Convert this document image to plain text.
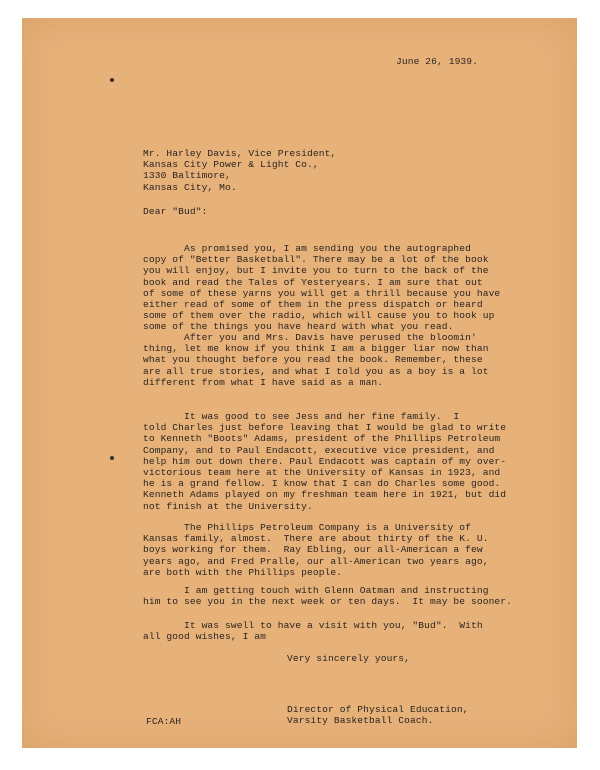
June 26, 1939.
Mr. Harley Davis, Vice President,
Kansas City Power & Light Co.,
1330 Baltimore,
Kansas City, Mo.
Dear "Bud":
As promised you, I am sending you the autographed
copy of "Better Basketball". There may be a lot of the book
you will enjoy, but I invite you to turn to the back of the
book and read the Tales of Yesteryears. I am sure that out
of some of these yarns you will get a thrill because you have
either read of some of them in the press dispatch or heard
some of them over the radio, which will cause you to hook up
some of the things you have heard with what you read.
After you and Mrs. Davis have perused the bloomin'
thing, let me know if you think I am a bigger liar now than
what you thought before you read the book. Remember, these
are all true stories, and what I told you as a boy is a lot
different from what I have said as a man.
It was good to see Jess and her fine family.  I
told Charles just before leaving that I would be glad to write
to Kenneth "Boots" Adams, president of the Phillips Petroleum
Company, and to Paul Endacott, executive vice president, and
help him out down there. Paul Endacott was captain of my over-
victorious team here at the University of Kansas in 1923, and
he is a grand fellow. I know that I can do Charles some good.
Kenneth Adams played on my freshman team here in 1921, but did
not finish at the University.
The Phillips Petroleum Company is a University of
Kansas family, almost.  There are about thirty of the K. U.
boys working for them.  Ray Ebling, our all-American a few
years ago, and Fred Pralle, our all-American two years ago,
are both with the Phillips people.
I am getting touch with Glenn Oatman and instructing
him to see you in the next week or ten days.  It may be sooner.
It was swell to have a visit with you, "Bud".  With
all good wishes, I am
Very sincerely yours,
Director of Physical Education,
Varsity Basketball Coach.
FCA:AH
